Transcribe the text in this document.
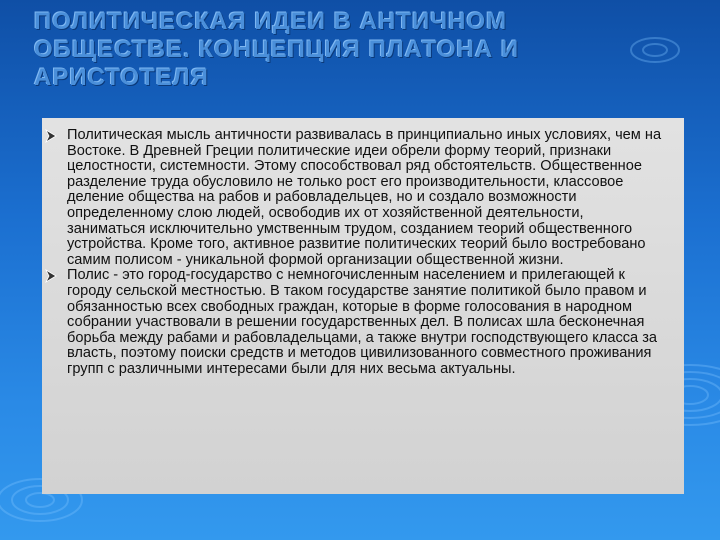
ПОЛИТИЧЕСКАЯ ИДЕИ В АНТИЧНОМ ОБЩЕСТВЕ. КОНЦЕПЦИЯ ПЛАТОНА И АРИСТОТЕЛЯ
Политическая мысль античности развивалась в принципиально иных условиях, чем на Востоке. В Древней Греции политические идеи обрели форму теорий, признаки целостности, системности. Этому способствовал ряд обстоятельств. Общественное разделение труда обусловило не только рост его производительности, классовое деление общества на рабов и рабовладельцев, но и создало возможности определенному слою людей, освободив их от хозяйственной деятельности, заниматься исключительно умственным трудом, созданием теорий общественного устройства. Кроме того, активное развитие политических теорий было востребовано самим полисом - уникальной формой организации общественной жизни.
Полис - это город-государство с немногочисленным населением и прилегающей к городу сельской местностью. В таком государстве занятие политикой было правом и обязанностью всех свободных граждан, которые в форме голосования в народном собрании участвовали в решении государственных дел. В полисах шла бесконечная борьба между рабами и рабовладельцами, а также внутри господствующего класса за власть, поэтому поиски средств и методов цивилизованного совместного проживания групп с различными интересами были для них весьма актуальны.
